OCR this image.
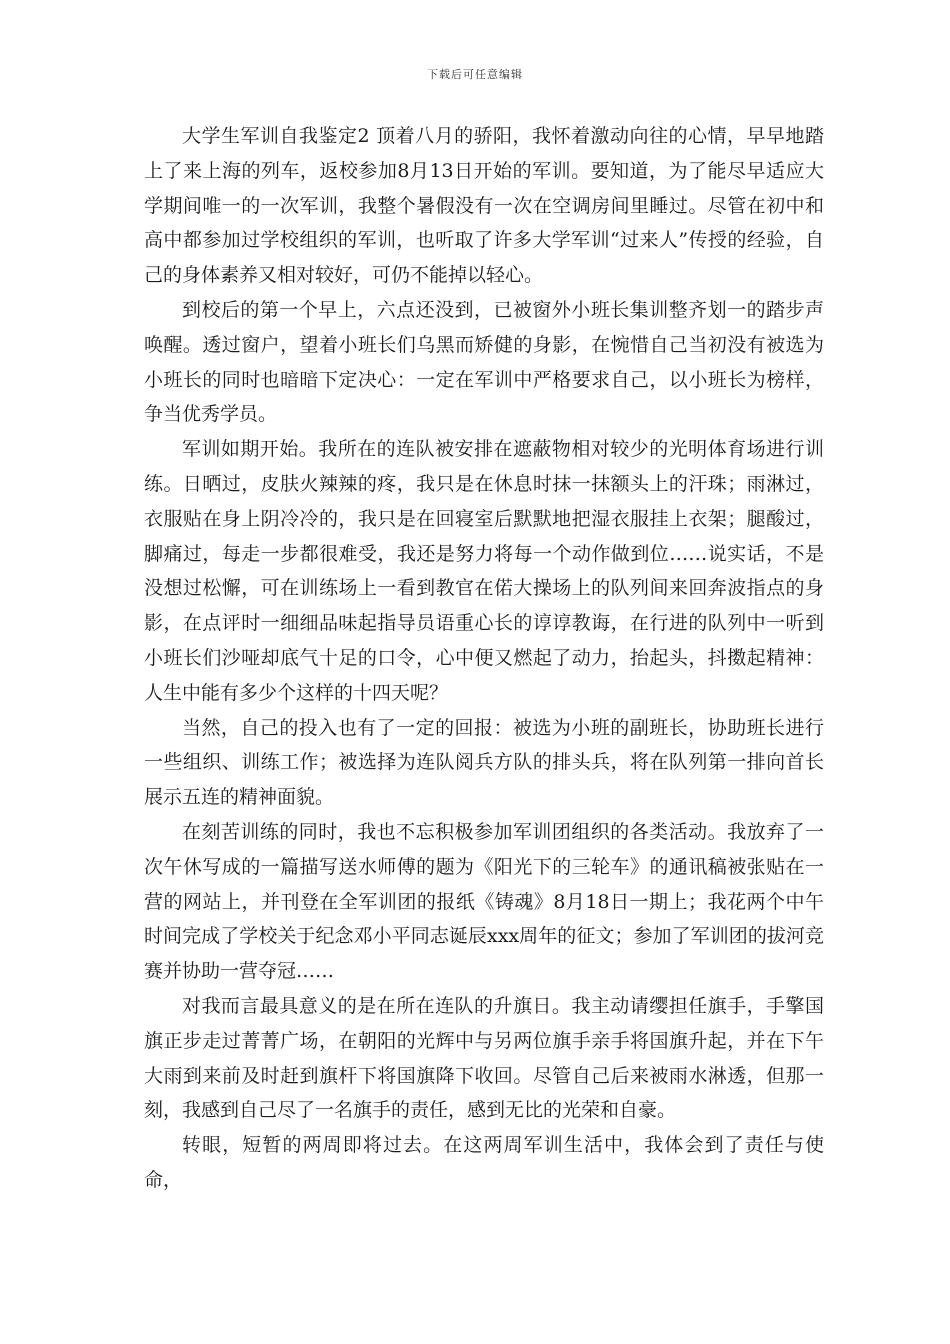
下载后可任意编辑

大学生军训自我鉴定2 顶着八月的骄阳，我怀着激动向往的心情，早早地踏上了来上海的列车，返校参加8月13日开始的军训。要知道，为了能尽早适应大学期间唯一的一次军训，我整个暑假没有一次在空调房间里睡过。尽管在初中和高中都参加过学校组织的军训，也听取了许多大学军训“过来人”传授的经验，自己的身体素养又相对较好，可仍不能掉以轻心。

到校后的第一个早上，六点还没到，已被窗外小班长集训整齐划一的踏步声唤醒。透过窗户，望着小班长们乌黑而矫健的身影，在惋惜自己当初没有被选为小班长的同时也暗暗下定决心：一定在军训中严格要求自己，以小班长为榜样，争当优秀学员。

军训如期开始。我所在的连队被安排在遮蔽物相对较少的光明体育场进行训练。日晒过，皮肤火辣辣的疼，我只是在休息时抹一抹额头上的汗珠；雨淋过，衣服贴在身上阴冷冷的，我只是在回寝室后默默地把湿衣服挂上衣架；腿酸过，脚痛过，每走一步都很难受，我还是努力将每一个动作做到位……说实话，不是没想过松懈，可在训练场上一看到教官在偌大操场上的队列间来回奔波指点的身影，在点评时一细细品味起指导员语重心长的谆谆教诲，在行进的队列中一听到小班长们沙哑却底气十足的口令，心中便又燃起了动力，抬起头，抖擞起精神：人生中能有多少个这样的十四天呢？

当然，自己的投入也有了一定的回报：被选为小班的副班长，协助班长进行一些组织、训练工作；被选择为连队阅兵方队的排头兵，将在队列第一排向首长展示五连的精神面貌。

在刻苦训练的同时，我也不忘积极参加军训团组织的各类活动。我放弃了一次午休写成的一篇描写送水师傅的题为《阳光下的三轮车》的通讯稿被张贴在一营的网站上，并刊登在全军训团的报纸《铸魂》8月18日一期上；我花两个中午时间完成了学校关于纪念邓小平同志诞辰xxx周年的征文；参加了军训团的拔河竞赛并协助一营夺冠……

对我而言最具意义的是在所在连队的升旗日。我主动请缨担任旗手，手擎国旗正步走过菁菁广场，在朝阳的光辉中与另两位旗手亲手将国旗升起，并在下午大雨到来前及时赶到旗杆下将国旗降下收回。尽管自己后来被雨水淋透，但那一刻，我感到自己尽了一名旗手的责任，感到无比的光荣和自豪。

转眼，短暂的两周即将过去。在这两周军训生活中，我体会到了责任与使命，
